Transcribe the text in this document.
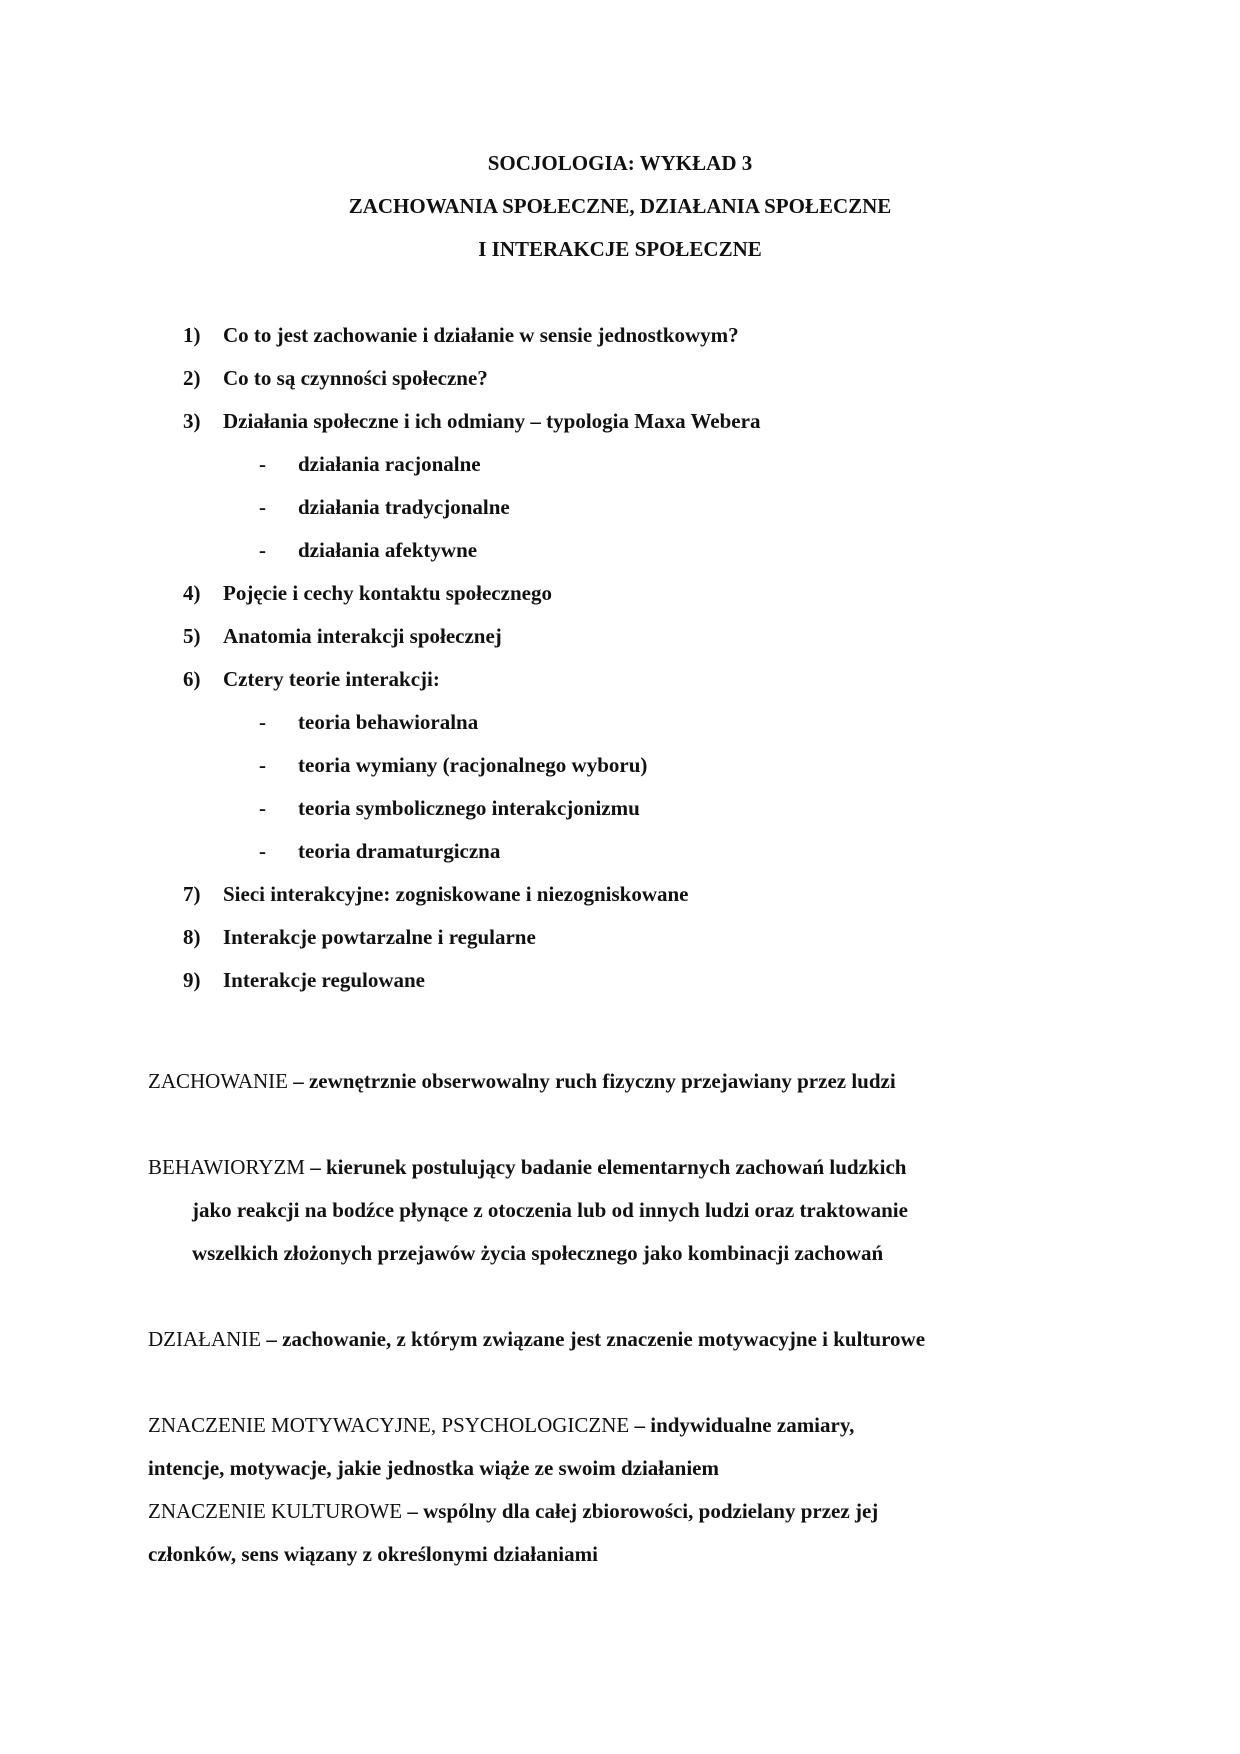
SOCJOLOGIA: WYKŁAD 3
ZACHOWANIA SPOŁECZNE, DZIAŁANIA SPOŁECZNE
I INTERAKCJE SPOŁECZNE
1) Co to jest zachowanie i działanie w sensie jednostkowym?
2) Co to są czynności społeczne?
3) Działania społeczne i ich odmiany – typologia Maxa Webera
- działania racjonalne
- działania tradycjonalne
- działania afektywne
4) Pojęcie i cechy kontaktu społecznego
5) Anatomia interakcji społecznej
6) Cztery teorie interakcji:
- teoria behawioralna
- teoria wymiany (racjonalnego wyboru)
- teoria symbolicznego interakcjonizmu
- teoria dramaturgiczna
7) Sieci interakcyjne: zogniskowane i niezogniskowane
8) Interakcje powtarzalne i regularne
9) Interakcje regulowane

ZACHOWANIE – zewnętrznie obserwowalny ruch fizyczny przejawiany przez ludzi

BEHAWIORYZM – kierunek postulujący badanie elementarnych zachowań ludzkich

jako reakcji na bodźce płynące z otoczenia lub od innych ludzi oraz traktowanie

wszelkich złożonych przejawów życia społecznego jako kombinacji zachowań

DZIAŁANIE – zachowanie, z którym związane jest znaczenie motywacyjne i kulturowe

ZNACZENIE MOTYWACYJNE, PSYCHOLOGICZNE – indywidualne zamiary,

intencje, motywacje, jakie jednostka wiąże ze swoim działaniem

ZNACZENIE KULTUROWE – wspólny dla całej zbiorowości, podzielany przez jej

członków, sens wiązany z określonymi działaniami
